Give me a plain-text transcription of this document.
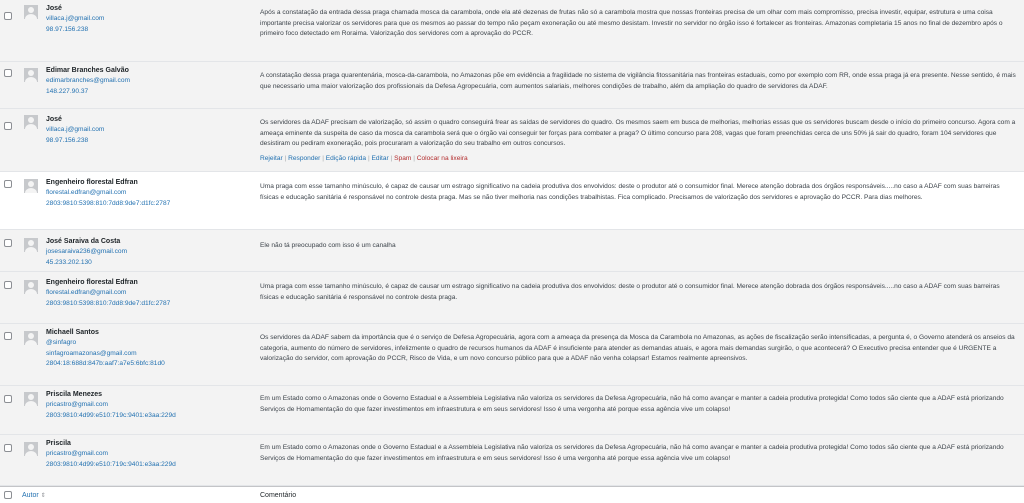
José
villaca.j@gmail.com
98.97.156.238
Após a constatação da entrada dessa praga chamada mosca da carambola, onde ela até dezenas de frutas não só a carambola mostra que nossas fronteiras precisa de um olhar com mais compromisso, precisa investir, equipar, estrutura e uma coisa importante precisa valorizar os servidores para que os mesmos ao passar do tempo não peçam exoneração ou até mesmo desistam. Investir no servidor no órgão isso é fortalecer as fronteiras. Amazonas completaria 15 anos no final de dezembro após o primeiro foco detectado em Roraima. Valorização dos servidores com a aprovação do PCCR.
Edimar Branches Galvão
edimarbranches@gmail.com
148.227.90.37
A constatação dessa praga quarentenária, mosca-da-carambola, no Amazonas põe em evidência a fragilidade no sistema de vigilância fitossanitária nas fronteiras estaduais, como por exemplo com RR, onde essa praga já era presente. Nesse sentido, é mais que necessario uma maior valorização dos profissionais da Defesa Agropecuária, com aumentos salariais, melhores condições de trabalho, além da ampliação do quadro de servidores da ADAF.
José
villaca.j@gmail.com
98.97.156.238
Os servidores da ADAF precisam de valorização, só assim o quadro conseguirá frear as saídas de servidores do quadro. Os mesmos saem em busca de melhorias, melhorias essas que os servidores buscam desde o início do primeiro concurso. Agora com a ameaça eminente da suspeita de caso da mosca da carambola será que o órgão vai conseguir ter forças para combater a praga? O último concurso para 208, vagas que foram preenchidas cerca de uns 50% já sair do quadro, foram 104 servidores que desistiram ou pediram exoneração, pois procuraram a valorização do seu trabalho em outros concursos.
Rejeitar | Responder | Edição rápida | Editar | Spam | Colocar na lixeira
Engenheiro florestal Edfran
florestal.edfran@gmail.com
2803:9810:5398:810:7dd8:9de7:d1fc:2787
Uma praga com esse tamanho minúsculo, é capaz de causar um estrago significativo na cadeia produtiva dos envolvidos: deste o produtor até o consumidor final. Merece atenção dobrada dos órgãos responsáveis.....no caso a ADAF com suas barreiras físicas e educação sanitária é responsável no controle desta praga. Mas se não tiver melhoria nas condições trabalhistas. Fica complicado. Precisamos de valorização dos servidores e aprovação do PCCR. Para dias melhores.
José Saraiva da Costa
josesaraiva236@gmail.com
45.233.202.130
Ele não tá preocupado com isso é um canalha
Engenheiro florestal Edfran
florestal.edfran@gmail.com
2803:9810:5398:810:7dd8:9de7:d1fc:2787
Uma praga com esse tamanho minúsculo, é capaz de causar um estrago significativo na cadeia produtiva dos envolvidos: deste o produtor até o consumidor final. Merece atenção dobrada dos órgãos responsáveis.....no caso a ADAF com suas barreiras físicas e educação sanitária é responsável no controle desta praga.
Michaell Santos
@sinfagro
sinfagroamazonas@gmail.com
2804:18:688d:847b:aaf7:a7e5:6bfc:81d0
Os servidores da ADAF sabem da importância que é o serviço de Defesa Agropecuária, agora com a ameaça da presença da Mosca da Carambola no Amazonas, as ações de fiscalização serão intensificadas, a pergunta é, o Governo atenderá os anseios da categoria, aumento do número de servidores, infelizmente o quadro de recursos humanos da ADAF é insuficiente para atender as demandas atuais, e agora mais demandas surgirão, o que acontecerá? O Executivo precisa entender que é URGENTE a valorização do servidor, com aprovação do PCCR, Risco de Vida, e um novo concurso público para que a ADAF não venha colapsar! Estamos realmente apreensivos.
Priscila Menezes
pricastro@gmail.com
2803:9810:4d99:e510:719c:9401:e3aa:229d
Em um Estado como o Amazonas onde o Governo Estadual e a Assembleia Legislativa não valoriza os servidores da Defesa Agropecuária, não há como avançar e manter a cadeia produtiva protegida! Como todos são ciente que a ADAF está priorizando Serviços de Hornamentação do que fazer investimentos em infraestrutura e em seus servidores! Isso é uma vergonha até porque essa agência vive um colapso!
Priscila
pricastro@gmail.com
2803:9810:4d99:e510:719c:9401:e3aa:229d
Em um Estado como o Amazonas onde o Governo Estadual e a Assembleia Legislativa não valoriza os servidores da Defesa Agropecuária, não há como avançar e manter a cadeia produtiva protegida! Como todos são ciente que a ADAF está priorizando Serviços de Hornamentação do que fazer investimentos em infraestrutura e em seus servidores! Isso é uma vergonha até porque essa agência vive um colapso!
Autor ⇕	Comentário
